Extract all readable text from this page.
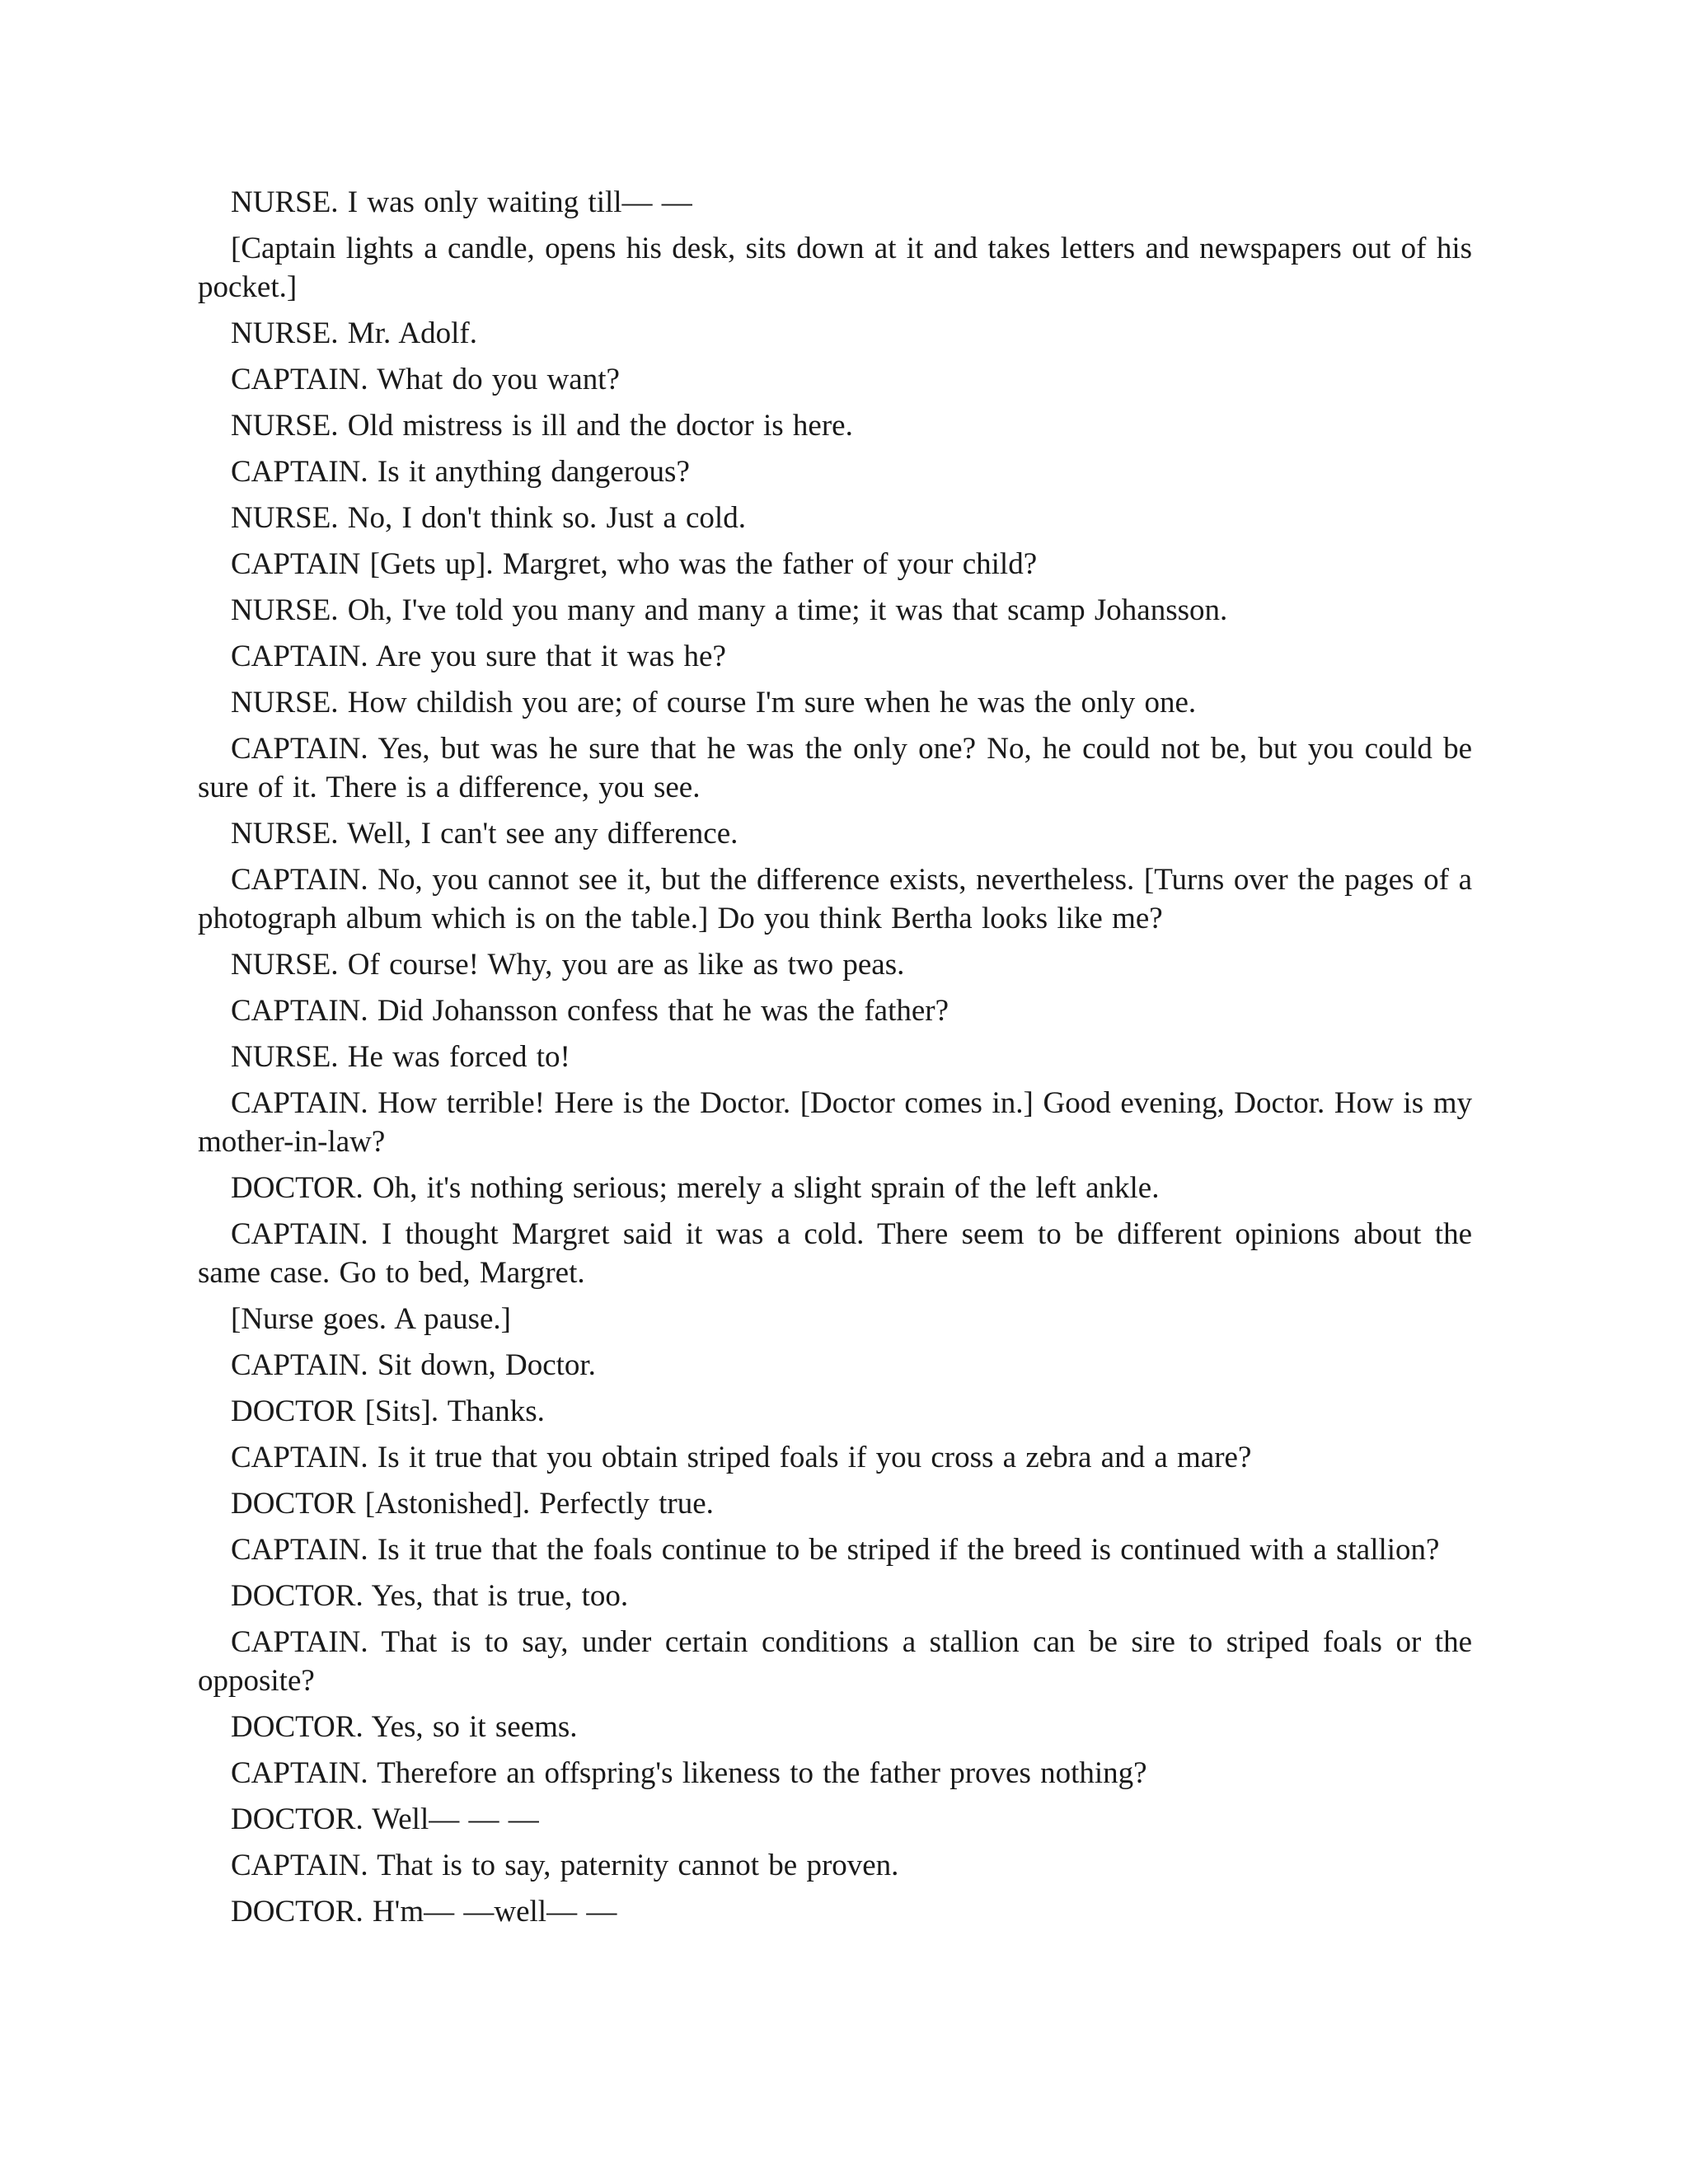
NURSE. I was only waiting till— —

[Captain lights a candle, opens his desk, sits down at it and takes letters and newspapers out of his pocket.]

NURSE. Mr. Adolf.

CAPTAIN. What do you want?

NURSE. Old mistress is ill and the doctor is here.

CAPTAIN. Is it anything dangerous?

NURSE. No, I don't think so. Just a cold.

CAPTAIN [Gets up]. Margret, who was the father of your child?

NURSE. Oh, I've told you many and many a time; it was that scamp Johansson.

CAPTAIN. Are you sure that it was he?

NURSE. How childish you are; of course I'm sure when he was the only one.

CAPTAIN. Yes, but was he sure that he was the only one? No, he could not be, but you could be sure of it. There is a difference, you see.

NURSE. Well, I can't see any difference.

CAPTAIN. No, you cannot see it, but the difference exists, nevertheless. [Turns over the pages of a photograph album which is on the table.] Do you think Bertha looks like me?

NURSE. Of course! Why, you are as like as two peas.

CAPTAIN. Did Johansson confess that he was the father?

NURSE. He was forced to!

CAPTAIN. How terrible! Here is the Doctor. [Doctor comes in.] Good evening, Doctor. How is my mother-in-law?

DOCTOR. Oh, it's nothing serious; merely a slight sprain of the left ankle.

CAPTAIN. I thought Margret said it was a cold. There seem to be different opinions about the same case. Go to bed, Margret.

[Nurse goes. A pause.]

CAPTAIN. Sit down, Doctor.

DOCTOR [Sits]. Thanks.

CAPTAIN. Is it true that you obtain striped foals if you cross a zebra and a mare?

DOCTOR [Astonished]. Perfectly true.

CAPTAIN. Is it true that the foals continue to be striped if the breed is continued with a stallion?

DOCTOR. Yes, that is true, too.

CAPTAIN. That is to say, under certain conditions a stallion can be sire to striped foals or the opposite?

DOCTOR. Yes, so it seems.

CAPTAIN. Therefore an offspring's likeness to the father proves nothing?

DOCTOR. Well— — —

CAPTAIN. That is to say, paternity cannot be proven.

DOCTOR. H'm— —well— —
